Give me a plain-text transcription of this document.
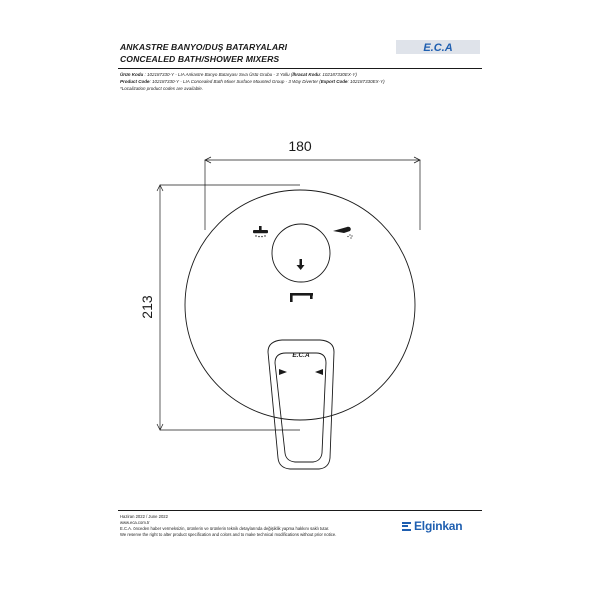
ANKASTRE BANYO/DUŞ BATARYALARI
CONCEALED BATH/SHOWER MIXERS
E.C.A
Ürün Kodu : 102187330-Y - LIA Ankastre Banyo Bataryası Sıva Üstü Grubu - 3 Yollu (İhracat Kodu: 102187330EX-Y)
Product Code: 102187330-Y - LIA Concealed Bath Mixer Surface Mounted Group - 3 Way Diverter (Export Code: 102187330EX-Y)
*Localization product codes are available.
180
213
E.C.A
Haziran 2022 / June 2022
www.eca.com.tr
E.C.A. önceden haber vermeksizin, ürünlerin ve ürünlerin teknik detaylarında değişiklik yapma hakkını saklı tutar.
We reserve the right to alter product specification and colors and to make technical modifications without prior notice.
Elginkan
